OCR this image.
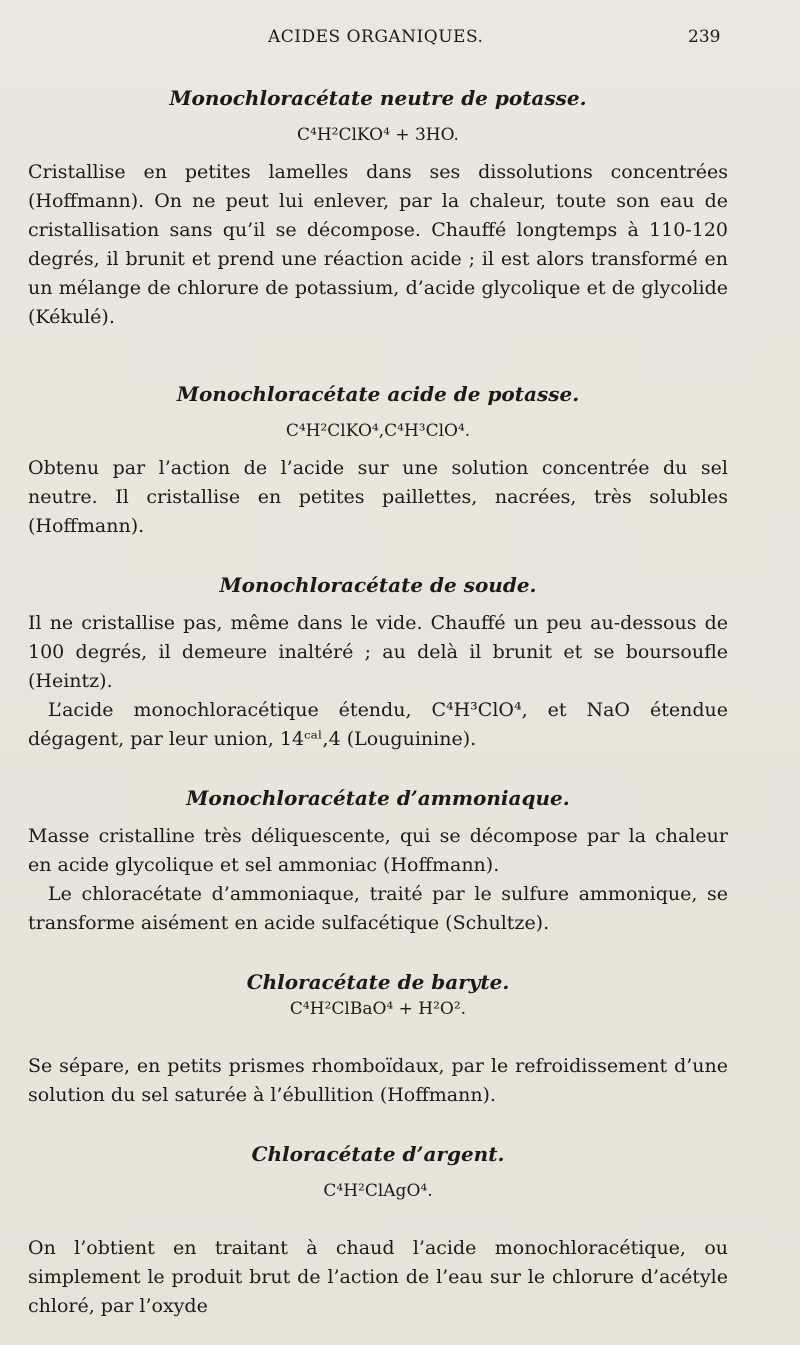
ACIDES ORGANIQUES.	239
Monochloracétate neutre de potasse.
C⁴H²ClKO⁴ + 3HO.

Cristallise en petites lamelles dans ses dissolutions concentrées (Hoffmann). On ne peut lui enlever, par la chaleur, toute son eau de cristallisation sans qu’il se décompose. Chauffé longtemps à 110-120 degrés, il brunit et prend une réaction acide ; il est alors transformé en un mélange de chlorure de potassium, d’acide glycolique et de glycolide (Kékulé).

Monochloracétate acide de potasse.
C⁴H²ClKO⁴,C⁴H³ClO⁴.

Obtenu par l’action de l’acide sur une solution concentrée du sel neutre. Il cristallise en petites paillettes, nacrées, très solubles (Hoffmann).

Monochloracétate de soude.

Il ne cristallise pas, même dans le vide. Chauffé un peu au-dessous de 100 degrés, il demeure inaltéré ; au delà il brunit et se boursoufle (Heintz).

L’acide monochloracétique étendu, C⁴H³ClO⁴, et NaO étendue dégagent, par leur union, 14ᶜᵃˡ,4 (Louguinine).

Monochloracétate d’ammoniaque.

Masse cristalline très déliquescente, qui se décompose par la chaleur en acide glycolique et sel ammoniac (Hoffmann).

Le chloracétate d’ammoniaque, traité par le sulfure ammonique, se transforme aisément en acide sulfacétique (Schultze).

Chloracétate de baryte.
C⁴H²ClBaO⁴ + H²O².

Se sépare, en petits prismes rhomboïdaux, par le refroidissement d’une solution du sel saturée à l’ébullition (Hoffmann).

Chloracétate d’argent.
C⁴H²ClAgO⁴.

On l’obtient en traitant à chaud l’acide monochloracétique, ou simplement le produit brut de l’action de l’eau sur le chlorure d’acétyle chloré, par l’oxyde
